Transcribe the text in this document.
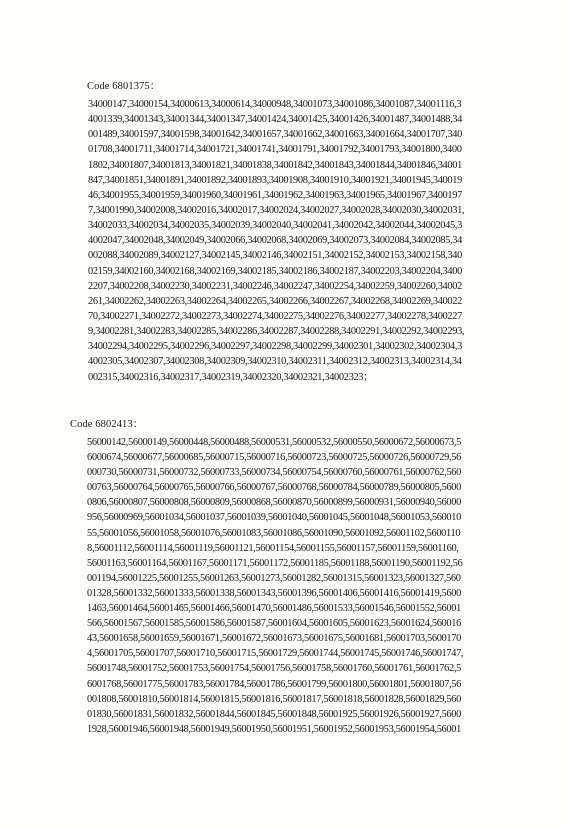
Code 6801375：
34000147,34000154,34000613,34000614,34000948,34001073,34001086,34001087,34001116,3
4001339,34001343,34001344,34001347,34001424,34001425,34001426,34001487,34001488,34
001489,34001597,34001598,34001642,34001657,34001662,34001663,34001664,34001707,340
01708,34001711,34001714,34001721,34001741,34001791,34001792,34001793,34001800,3400
1802,34001807,34001813,34001821,34001838,34001842,34001843,34001844,34001846,34001
847,34001851,34001891,34001892,34001893,34001908,34001910,34001921,34001945,340019
46,34001955,34001959,34001960,34001961,34001962,34001963,34001965,34001967,3400197
7,34001990,34002008,34002016,34002017,34002024,34002027,34002028,34002030,34002031,
34002033,34002034,34002035,34002039,34002040,34002041,34002042,34002044,34002045,3
4002047,34002048,34002049,34002066,34002068,34002069,34002073,34002084,34002085,34
002088,34002089,34002127,34002145,34002146,34002151,34002152,34002153,34002158,340
02159,34002160,34002168,34002169,34002185,34002186,34002187,34002203,34002204,3400
2207,34002208,34002230,34002231,34002246,34002247,34002254,34002259,34002260,34002
261,34002262,34002263,34002264,34002265,34002266,34002267,34002268,34002269,340022
70,34002271,34002272,34002273,34002274,34002275,34002276,34002277,34002278,3400227
9,34002281,34002283,34002285,34002286,34002287,34002288,34002291,34002292,34002293,
34002294,34002295,34002296,34002297,34002298,34002299,34002301,34002302,34002304,3
4002305,34002307,34002308,34002309,34002310,34002311,34002312,34002313,34002314,34
002315,34002316,34002317,34002319,34002320,34002321,34002323；
Code 6802413：
56000142,56000149,56000448,56000488,56000531,56000532,56000550,56000672,56000673,5
6000674,56000677,56000685,56000715,56000716,56000723,56000725,56000726,56000729,56
000730,56000731,56000732,56000733,56000734,56000754,56000760,56000761,56000762,560
00763,56000764,56000765,56000766,56000767,56000768,56000784,56000789,56000805,5600
0806,56000807,56000808,56000809,56000868,56000870,56000899,56000931,56000940,56000
956,56000969,56001034,56001037,56001039,56001040,56001045,56001048,56001053,560010
55,56001056,56001058,56001076,56001083,56001086,56001090,56001092,56001102,5600110
8,56001112,56001114,56001119,56001121,56001154,56001155,56001157,56001159,56001160,
56001163,56001164,56001167,56001171,56001172,56001185,56001188,56001190,56001192,56
001194,56001225,56001255,56001263,56001273,56001282,56001315,56001323,56001327,560
01328,56001332,56001333,56001338,56001343,56001396,56001406,56001416,56001419,5600
1463,56001464,56001465,56001466,56001470,56001486,56001533,56001546,56001552,56001
566,56001567,56001585,56001586,56001587,56001604,56001605,56001623,56001624,560016
43,56001658,56001659,56001671,56001672,56001673,56001675,56001681,56001703,5600170
4,56001705,56001707,56001710,56001715,56001729,56001744,56001745,56001746,56001747,
56001748,56001752,56001753,56001754,56001756,56001758,56001760,56001761,56001762,5
6001768,56001775,56001783,56001784,56001786,56001799,56001800,56001801,56001807,56
001808,56001810,56001814,56001815,56001816,56001817,56001818,56001828,56001829,560
01830,56001831,56001832,56001844,56001845,56001848,56001925,56001926,56001927,5600
1928,56001946,56001948,56001949,56001950,56001951,56001952,56001953,56001954,56001
